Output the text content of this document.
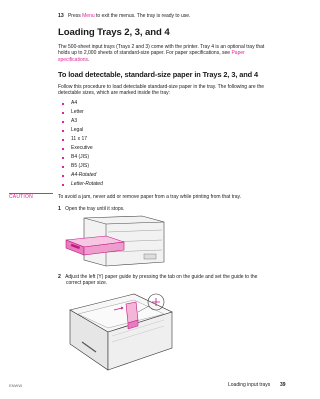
13 Press Menu to exit the menus. The tray is ready to use.
Loading Trays 2, 3, and 4
The 500-sheet input trays (Trays 2 and 3) come with the printer. Tray 4 is an optional tray that
holds up to 2,000 sheets of standard-size paper. For paper specifications, see Paper
specifications.
To load detectable, standard-size paper in Trays 2, 3, and 4
Follow this procedure to load detectable standard-size paper in the tray. The following are the
detectable sizes, which are marked inside the tray:
A4
Letter
A3
Legal
11 x 17
Executive
B4 (JIS)
B5 (JIS)
A4-Rotated
Letter-Rotated
CAUTION	To avoid a jam, never add or remove paper from a tray while printing from that tray.
1 Open the tray until it stops.
2 Adjust the left (Y) paper guide by pressing the tab on the guide and set the guide to the
correct paper size.
ENWW	Loading input trays 39
